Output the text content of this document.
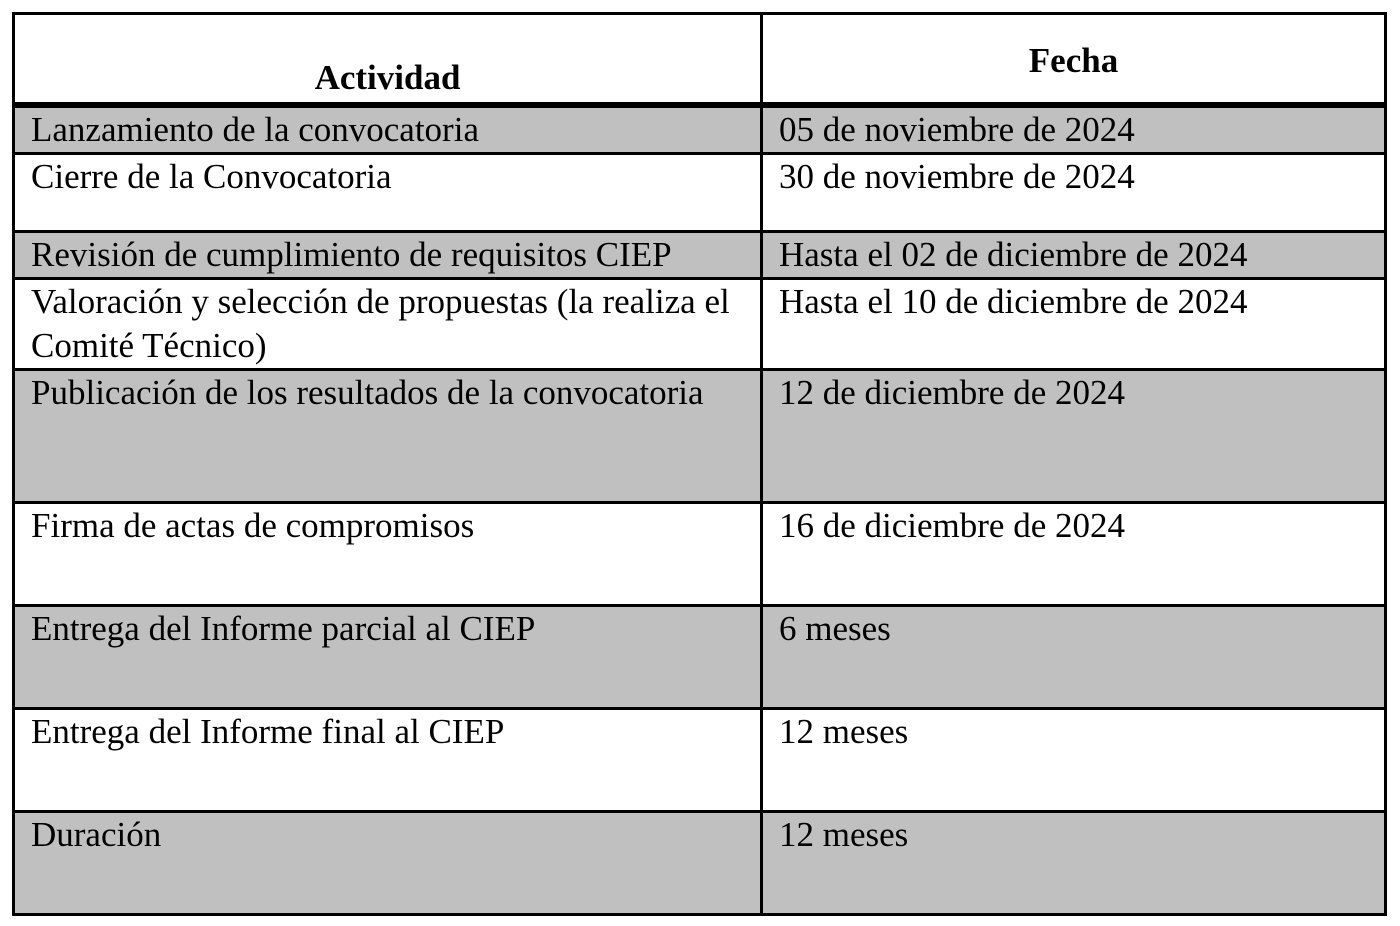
Actividad	Fecha
Lanzamiento de la convocatoria	05 de noviembre de 2024
Cierre de la Convocatoria	30 de noviembre de 2024
Revisión de cumplimiento de requisitos CIEP	Hasta el 02 de diciembre de 2024
Valoración y selección de propuestas (la realiza el Comité Técnico)	Hasta el 10 de diciembre de 2024
Publicación de los resultados de la convocatoria	12 de diciembre de 2024
Firma de actas de compromisos	16 de diciembre de 2024
Entrega del Informe parcial al CIEP	6 meses
Entrega del Informe final al CIEP	12 meses
Duración	12 meses
